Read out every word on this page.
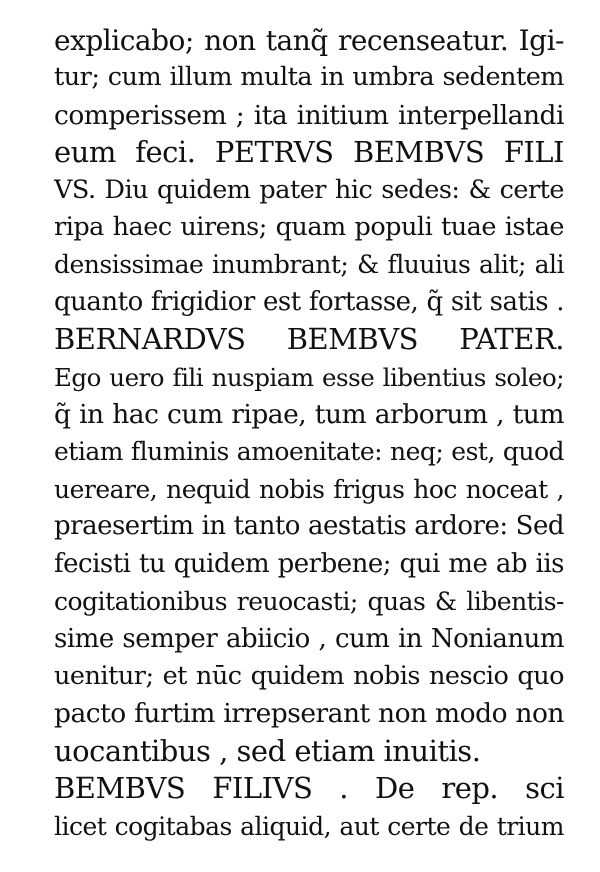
explicabo; non tanq̃ recenseatur. Igi-
tur; cum illum multa in umbra sedentem
comperissem ; ita initium interpellandi
eum feci. PETRVS BEMBVS FILI
VS. Diu quidem pater hic sedes: & certe
ripa haec uirens; quam populi tuae istae
densissimae inumbrant; & fluuius alit; ali
quanto frigidior est fortasse, q̃ sit satis .
BERNARDVS BEMBVS PATER.
Ego uero fili nuspiam esse libentius soleo;
q̃ in hac cum ripae, tum arborum , tum
etiam fluminis amoenitate: neq; est, quod
uereare, nequid nobis frigus hoc noceat ,
praesertim in tanto aestatis ardore: Sed
fecisti tu quidem perbene; qui me ab iis
cogitationibus reuocasti; quas & libentis-
sime semper abiicio , cum in Nonianum
uenitur; et nūc quidem nobis nescio quo
pacto furtim irrepserant non modo non
uocantibus , sed etiam inuitis.
BEMBVS FILIVS . De rep. sci
licet cogitabas aliquid, aut certe de trium
